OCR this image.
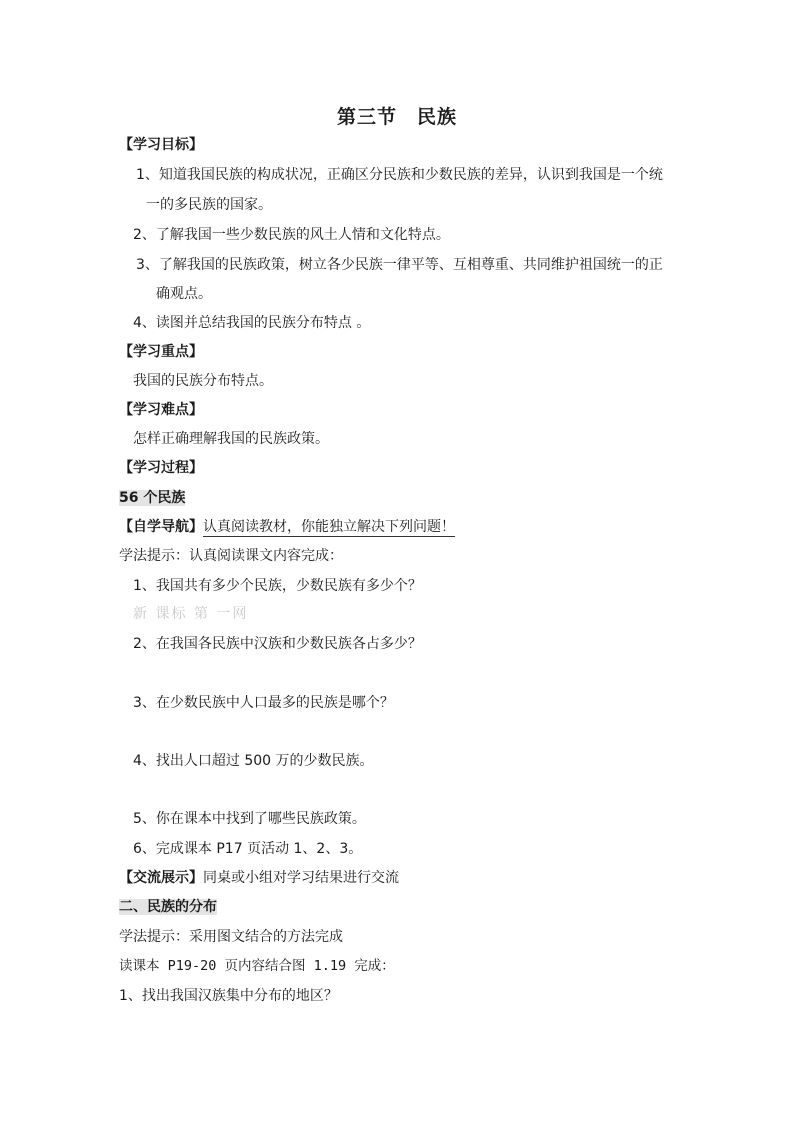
第三节　民族
【学习目标】
1、知道我国民族的构成状况，正确区分民族和少数民族的差异，认识到我国是一个统
一的多民族的国家。
2、了解我国一些少数民族的风土人情和文化特点。
3、了解我国的民族政策，树立各少民族一律平等、互相尊重、共同维护祖国统一的正
确观点。
4、读图并总结我国的民族分布特点 。
【学习重点】
我国的民族分布特点。
【学习难点】
怎样正确理解我国的民族政策。
【学习过程】
56 个民族
【自学导航】认真阅读教材，你能独立解决下列问题！
学法提示：认真阅读课文内容完成：
1、我国共有多少个民族，少数民族有多少个？
新 课标 第 一网
2、在我国各民族中汉族和少数民族各占多少？
3、在少数民族中人口最多的民族是哪个？
4、找出人口超过 500 万的少数民族。
5、你在课本中找到了哪些民族政策。
6、完成课本 P17 页活动 1、2、3。
【交流展示】同桌或小组对学习结果进行交流
二、民族的分布
学法提示：采用图文结合的方法完成
读课本 P19-20 页内容结合图 1.19 完成：
1、找出我国汉族集中分布的地区？
